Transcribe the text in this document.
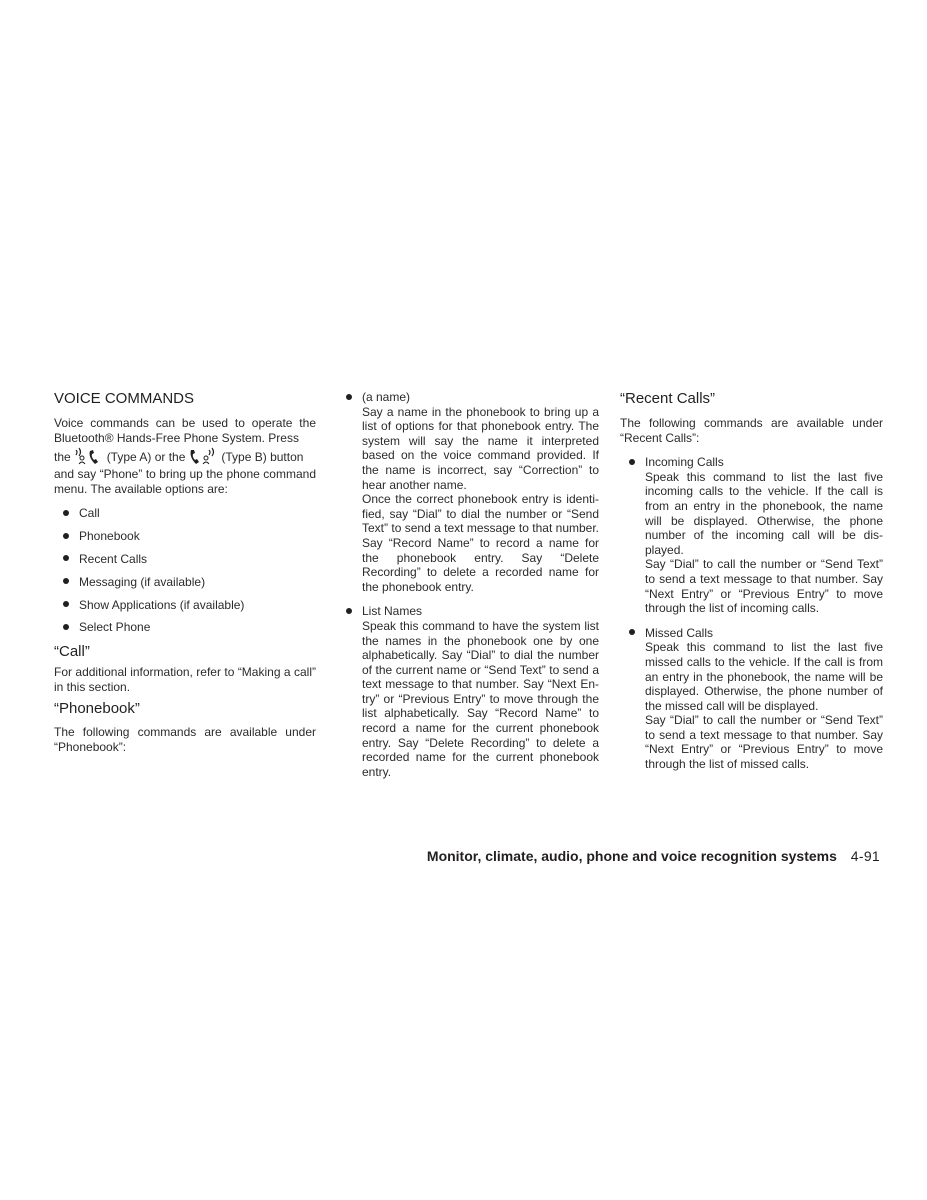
VOICE COMMANDS

Voice commands can be used to operate the Bluetooth® Hands-Free Phone System. Press

the	(Type A) or the	(Type B) button

and say “Phone” to bring up the phone command menu. The available options are:

Call
Phonebook
Recent Calls
Messaging (if available)
Show Applications (if available)
Select Phone
“Call”

For additional information, refer to “Making a call” in this section.

“Phonebook”

The following commands are available under “Phonebook”:

(a name)

Say a name in the phonebook to bring up a list of options for that phonebook entry. The system will say the name it interpreted based on the voice command provided. If the name is incorrect, say “Correction” to hear another name.

Once the correct phonebook entry is identi-fied, say “Dial” to dial the number or “Send Text” to send a text message to that number. Say “Record Name” to record a name for the phonebook entry. Say “Delete Recording” to delete a recorded name for the phonebook entry.

List Names

Speak this command to have the system list the names in the phonebook one by one alphabetically. Say “Dial” to dial the number of the current name or “Send Text” to send a text message to that number. Say “Next En-try” or “Previous Entry” to move through the list alphabetically. Say “Record Name” to record a name for the current phonebook entry. Say “Delete Recording” to delete a recorded name for the current phonebook entry.

“Recent Calls”

The following commands are available under “Recent Calls”:

Incoming Calls

Speak this command to list the last five incoming calls to the vehicle. If the call is from an entry in the phonebook, the name will be displayed. Otherwise, the phone number of the incoming call will be dis-played.

Say “Dial” to call the number or “Send Text” to send a text message to that number. Say “Next Entry” or “Previous Entry” to move through the list of incoming calls.

Missed Calls

Speak this command to list the last five missed calls to the vehicle. If the call is from an entry in the phonebook, the name will be displayed. Otherwise, the phone number of the missed call will be displayed.

Say “Dial” to call the number or “Send Text” to send a text message to that number. Say “Next Entry” or “Previous Entry” to move through the list of missed calls.

Monitor, climate, audio, phone and voice recognition systems 4-91
